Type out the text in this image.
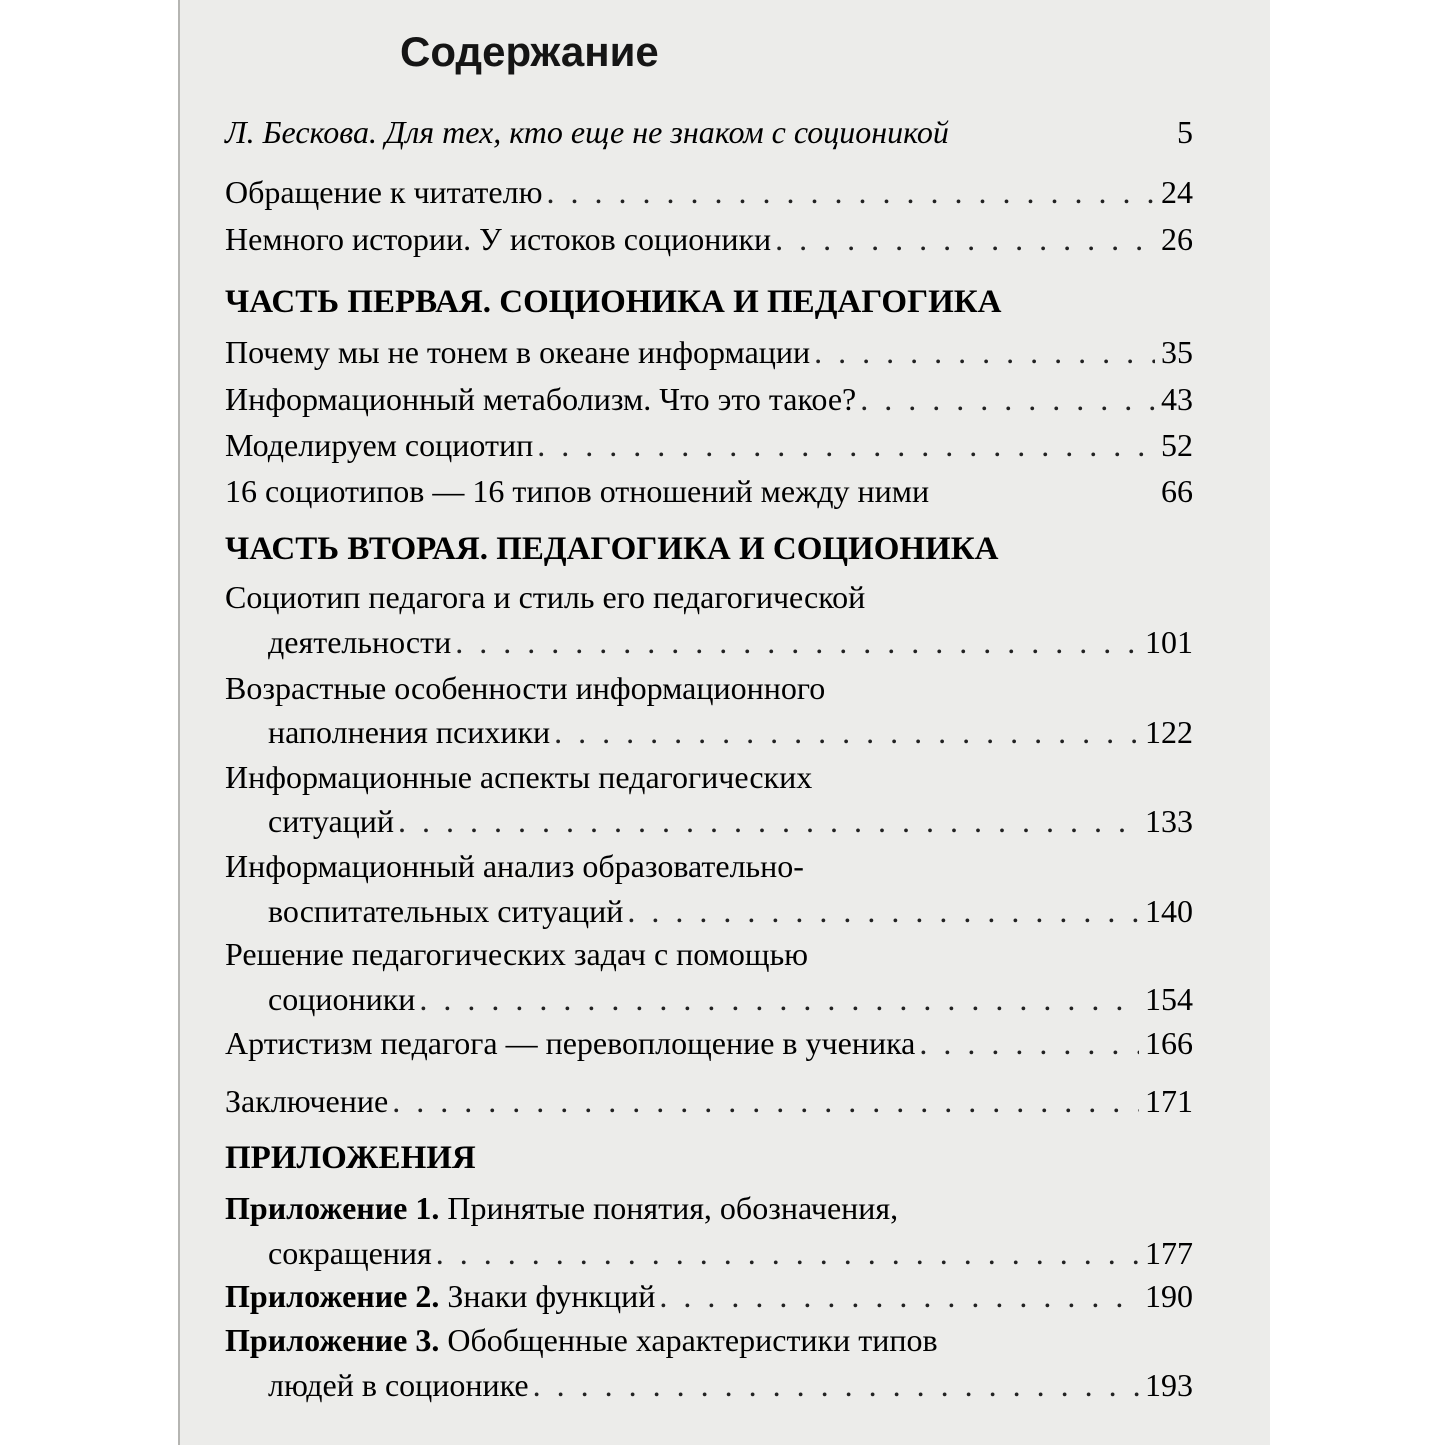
Содержание
Л. Бескова. Для тех, кто еще не знаком с соционикой	5
Обращение к читателю . . .	24
Немного истории. У истоков соционики . . .	26
ЧАСТЬ ПЕРВАЯ. СОЦИОНИКА И ПЕДАГОГИКА
Почему мы не тонем в океане информации . . .	35
Информационный метаболизм. Что это такое? . . .	43
Моделируем социотип . . .	52
16 социотипов — 16 типов отношений между ними	66
ЧАСТЬ ВТОРАЯ. ПЕДАГОГИКА И СОЦИОНИКА
Социотип педагога и стиль его педагогической
деятельности . . .	101
Возрастные особенности информационного
наполнения психики . . .	122
Информационные аспекты педагогических
ситуаций . . .	133
Информационный анализ образовательно-
воспитательных ситуаций . . .	140
Решение педагогических задач с помощью
соционики . . .	154
Артистизм педагога — перевоплощение в ученика . . .	166
Заключение . . .	171
ПРИЛОЖЕНИЯ
Приложение 1. Принятые понятия, обозначения,
сокращения . . .	177
Приложение 2. Знаки функций . . .	190
Приложение 3. Обобщенные характеристики типов
людей в соционике . . .	193
